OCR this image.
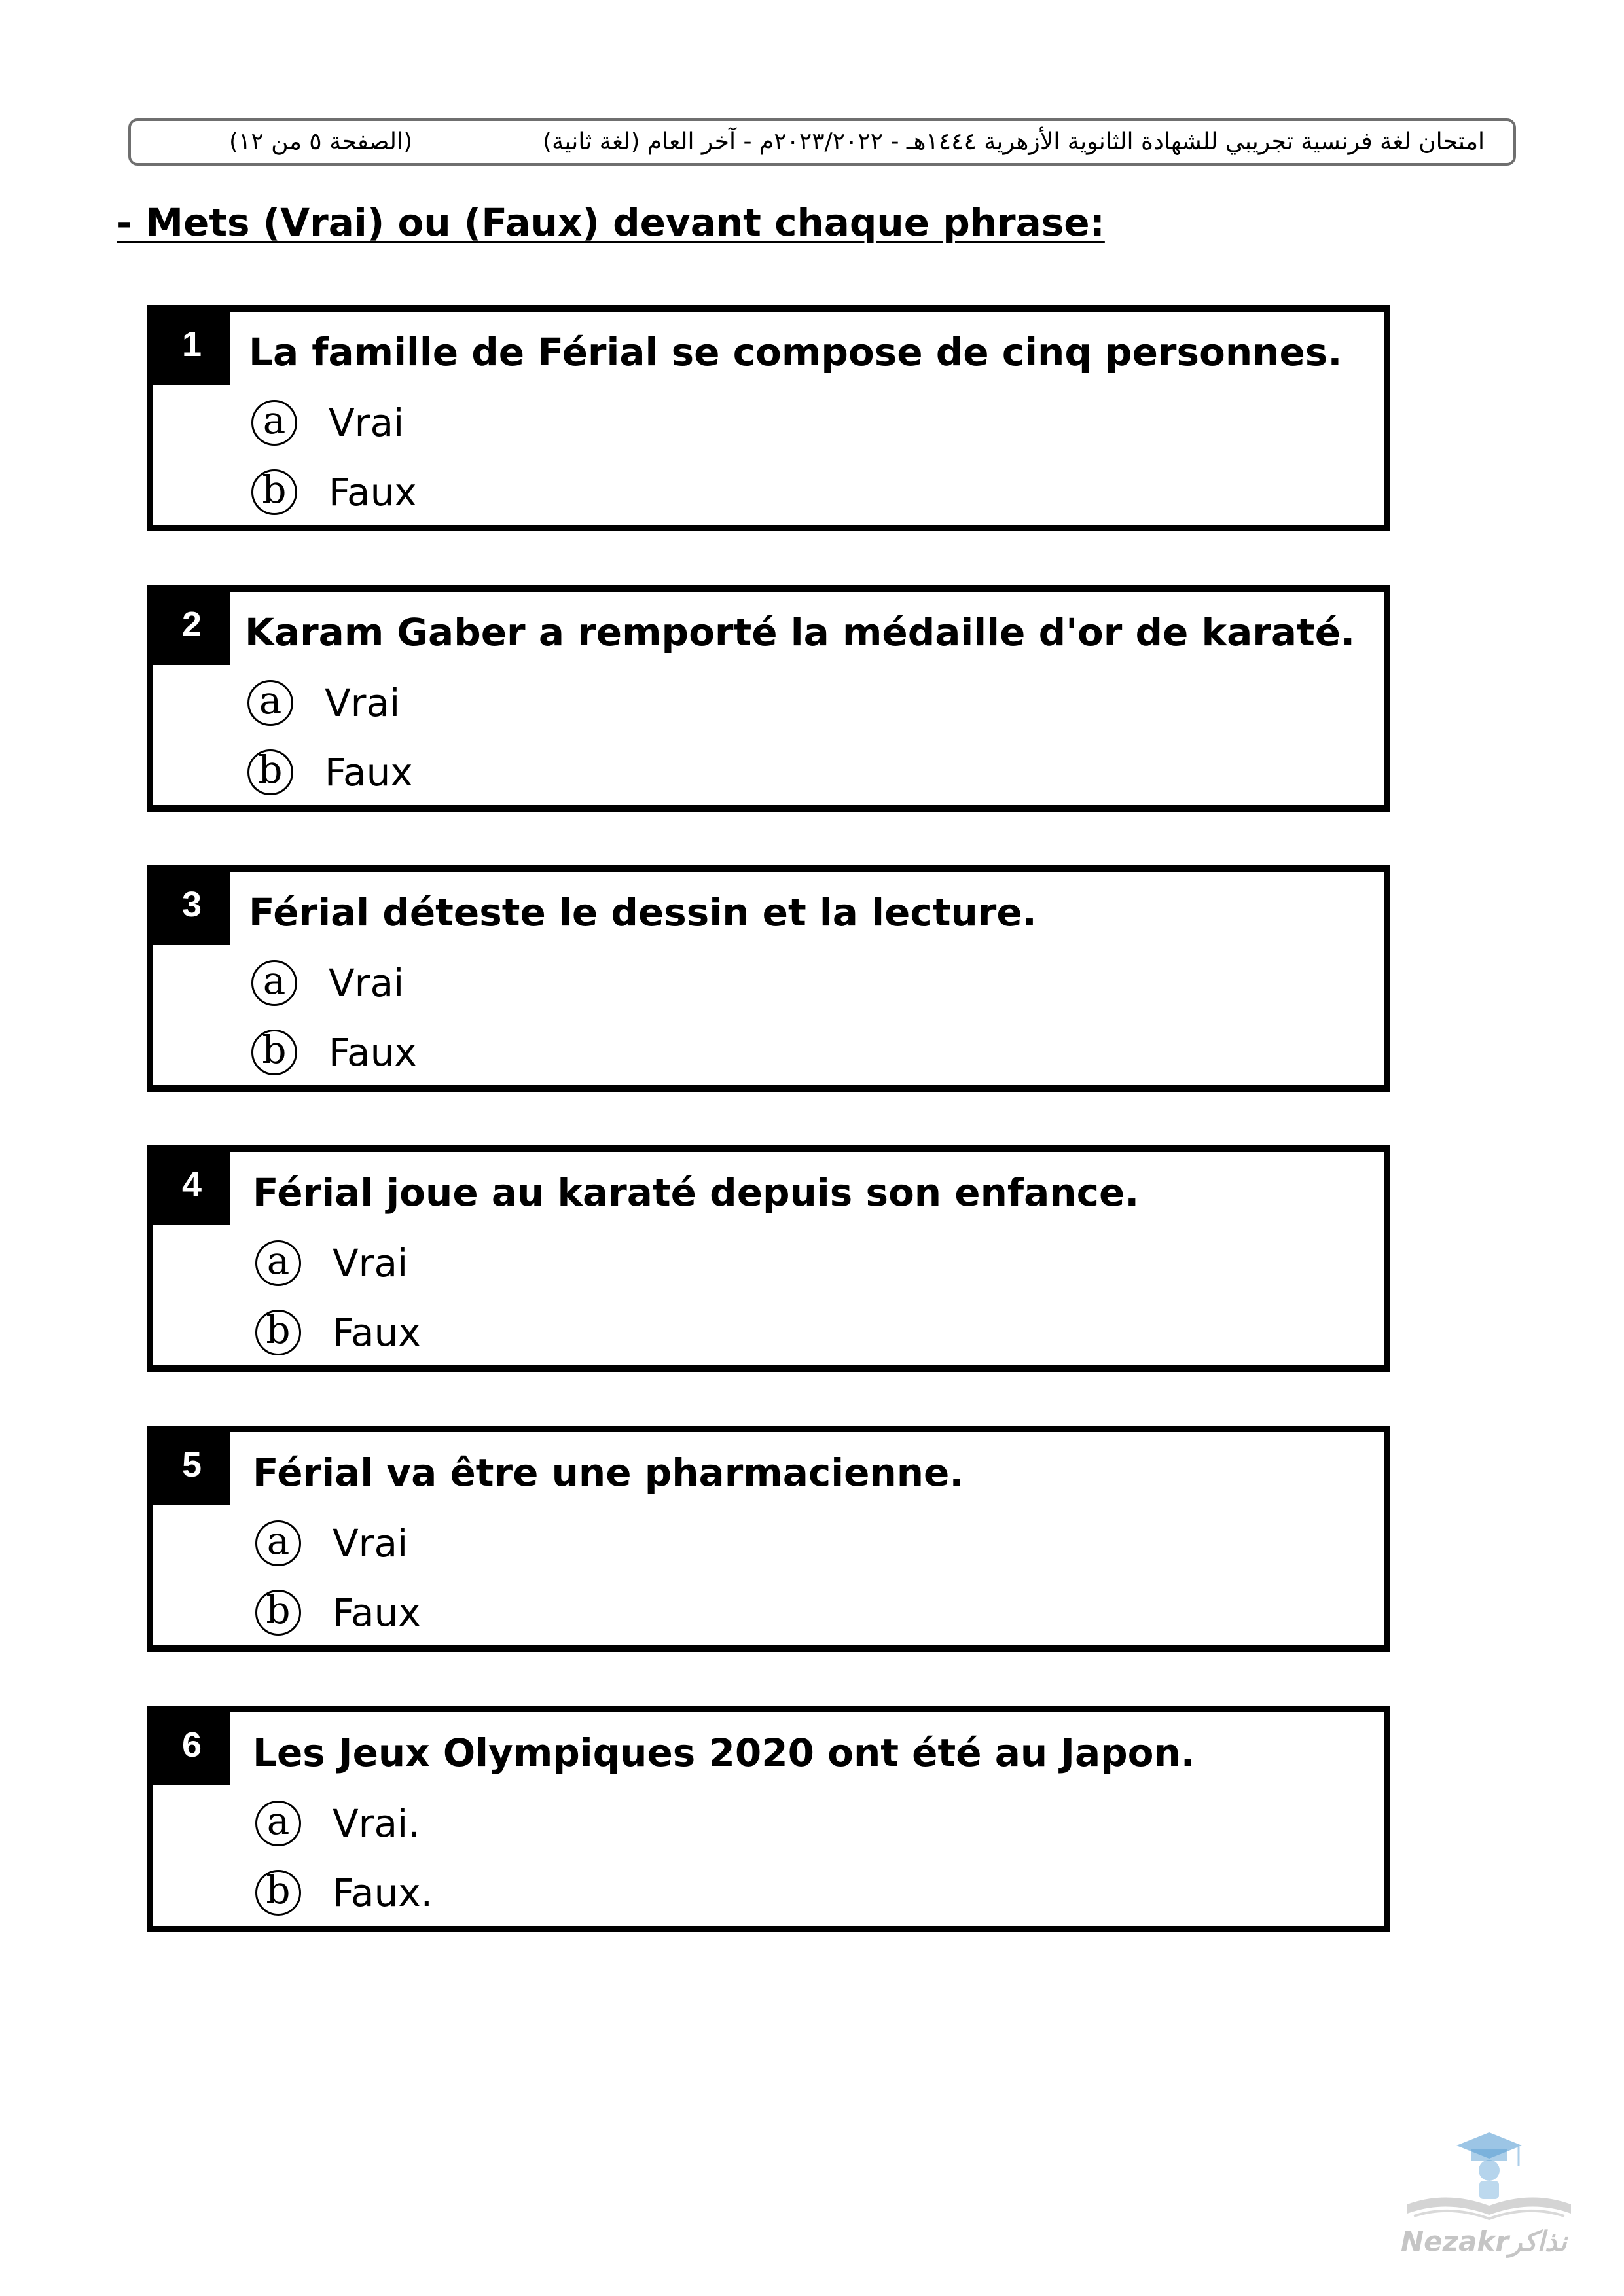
امتحان لغة فرنسية تجريبي للشهادة الثانوية الأزهرية ١٤٤٤هـ - ٢٠٢٣/٢٠٢٢م - آخر العام (لغة ثانية)
(الصفحة ٥ من ١٢)
- Mets (Vrai) ou (Faux) devant chaque phrase:
1	La famille de Férial se compose de cinq personnes.
a	Vrai
b Faux
2	Karam Gaber a remporté la médaille d'or de karaté.
a	Vrai
b Faux
3	Férial déteste le dessin et la lecture.
a	Vrai
b Faux
4	Férial joue au karaté depuis son enfance.
a	Vrai
b Faux
5	Férial va être une pharmacienne.
a	Vrai
b Faux
6	Les Jeux Olympiques 2020 ont été au Japon.
a	Vrai.
b Faux.
Nezakrنذاكر
